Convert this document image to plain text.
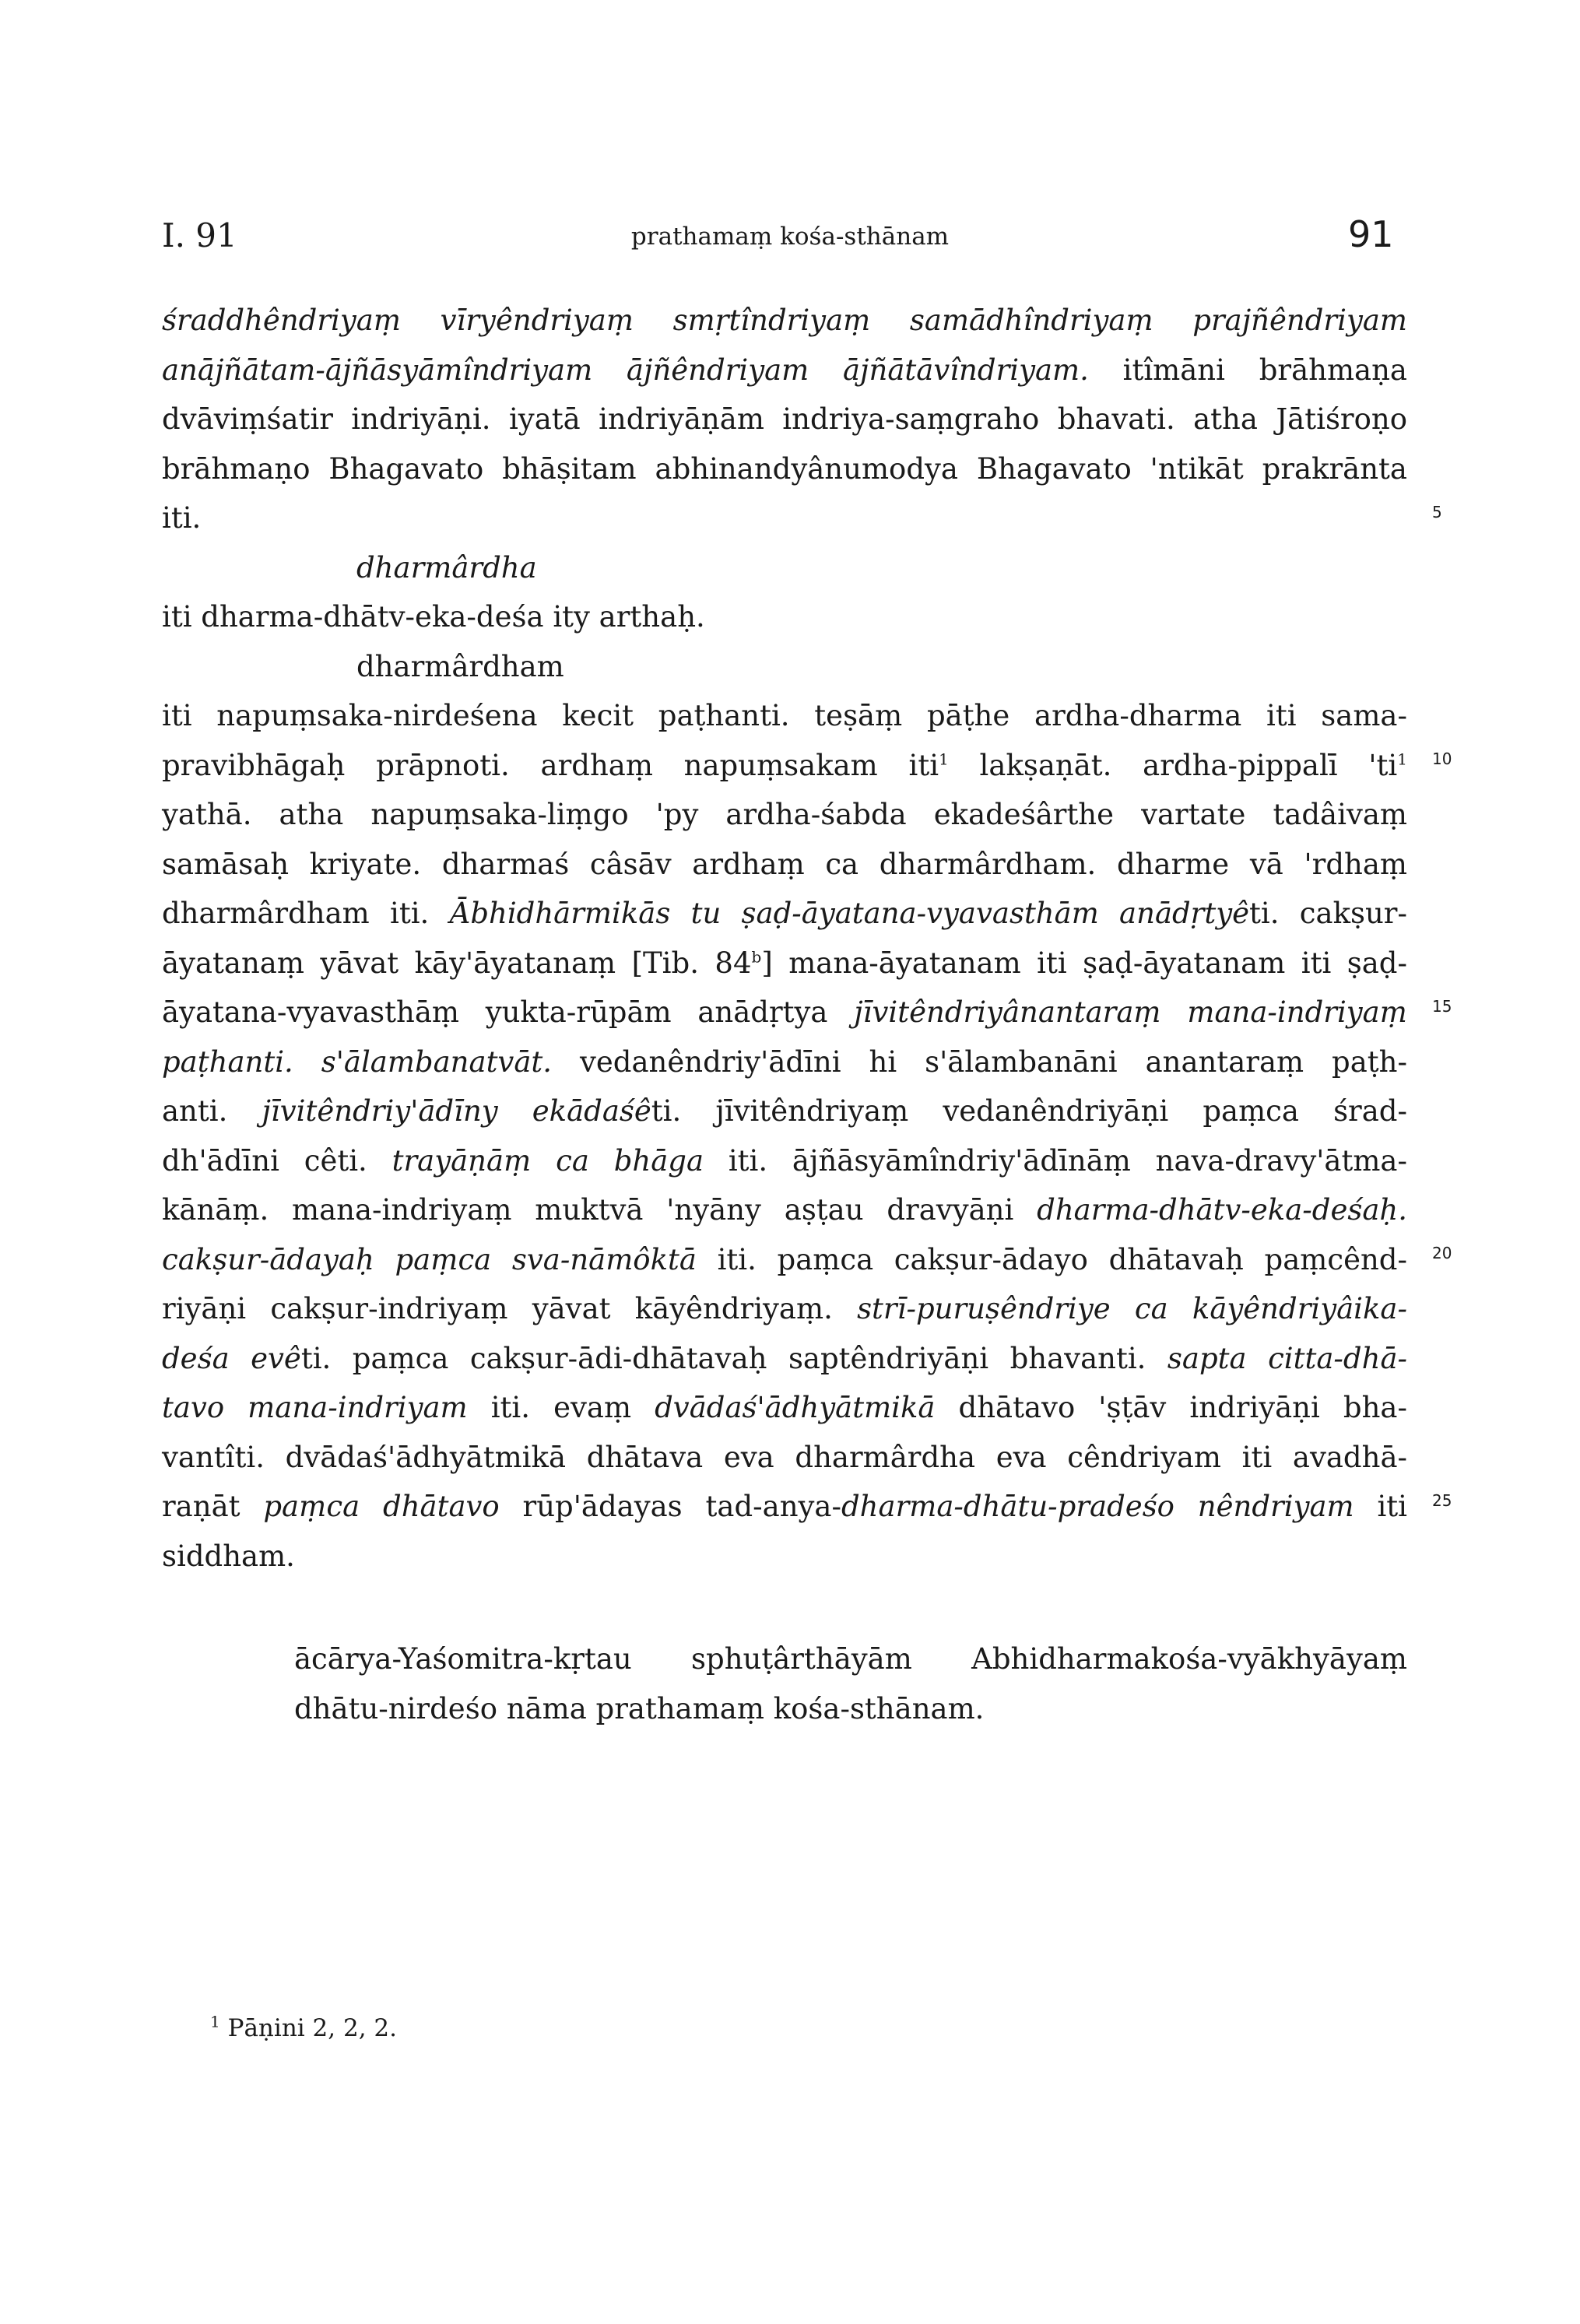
I. 91	prathamaṃ kośa-sthānam	91
śraddhêndriyaṃ vīryêndriyaṃ smṛtîndriyaṃ samādhîndriyaṃ prajñêndriyam
anājñātam-ājñāsyāmîndriyam ājñêndriyam ājñātāvîndriyam. itîmāni brāhmaṇa
dvāviṃśatir indriyāṇi. iyatā indriyāṇām indriya-saṃgraho bhavati. atha Jātiśroṇo
brāhmaṇo Bhagavato bhāṣitam abhinandyânumodya Bhagavato 'ntikāt prakrānta
iti.
dharmârdha
iti dharma-dhātv-eka-deśa ity arthaḥ.
dharmârdham
iti napuṃsaka-nirdeśena kecit paṭhanti. teṣāṃ pāṭhe ardha-dharma iti sama-
pravibhāgaḥ prāpnoti. ardhaṃ napuṃsakam iti$^1$ lakṣaṇāt. ardha-pippalī '$ti^1$
yathā. atha napuṃsaka-liṃgo 'py ardha-śabda ekadeśârthe vartate tadâivaṃ
samāsaḥ kriyate. dharmaś câsāv ardhaṃ ca dharmârdham. dharme vā 'rdhaṃ
dharmârdham iti. Ābhidhārmikās tu ṣaḍ-āyatana-vyavasthām anādṛtyêti. cakṣur-
āyatanaṃ yāvat kāy'āyatanaṃ [Tib. 84$^b$] mana-āyatanam iti ṣaḍ-āyatanam iti ṣaḍ-
āyatana-vyavasthāṃ yukta-rūpām anādṛtya jīvitêndriyânantaraṃ mana-indriyaṃ
paṭhanti. s'ālambanatvāt. vedanêndriy'ādīni hi s'ālambanāni anantaraṃ paṭh-
anti. jīvitêndriy'ādīny ekādaśêti. jīvitêndriyaṃ vedanêndriyāṇi paṃca śrad-
dh'ādīni cêti. trayāṇāṃ ca bhāga iti. ājñāsyāmîndriy'ādīnāṃ nava-dravy'ātma-
kānāṃ. mana-indriyaṃ muktvā 'nyāny aṣṭau dravyāṇi dharma-dhātv-eka-deśaḥ.
cakṣur-ādayaḥ paṃca sva-nāmôktā iti. paṃca cakṣur-ādayo dhātavaḥ paṃcênd-
riyāṇi cakṣur-indriyaṃ yāvat kāyêndriyaṃ. strī-puruṣêndriye ca kāyêndriyâika-
deśa evêti. paṃca cakṣur-ādi-dhātavaḥ saptêndriyāṇi bhavanti. sapta citta-dhā-
tavo mana-indriyam iti. evaṃ dvādaś'ādhyātmikā dhātavo 'ṣṭāv indriyāṇi bha-
vantîti. dvādaś'ādhyātmikā dhātava eva dharmârdha eva cêndriyam iti avadhā-
raṇāt paṃca dhātavo rūp'ādayas tad-anya-dharma-dhātu-pradeśo nêndriyam iti
siddham.
5
10
15
20
25
ācārya-Yaśomitra-kṛtau sphuṭârthāyām Abhidharmakośa-vyākhyāyaṃ
dhātu-nirdeśo nāma prathamaṃ kośa-sthānam.
$^1$ Pāṇini 2, 2, 2.
